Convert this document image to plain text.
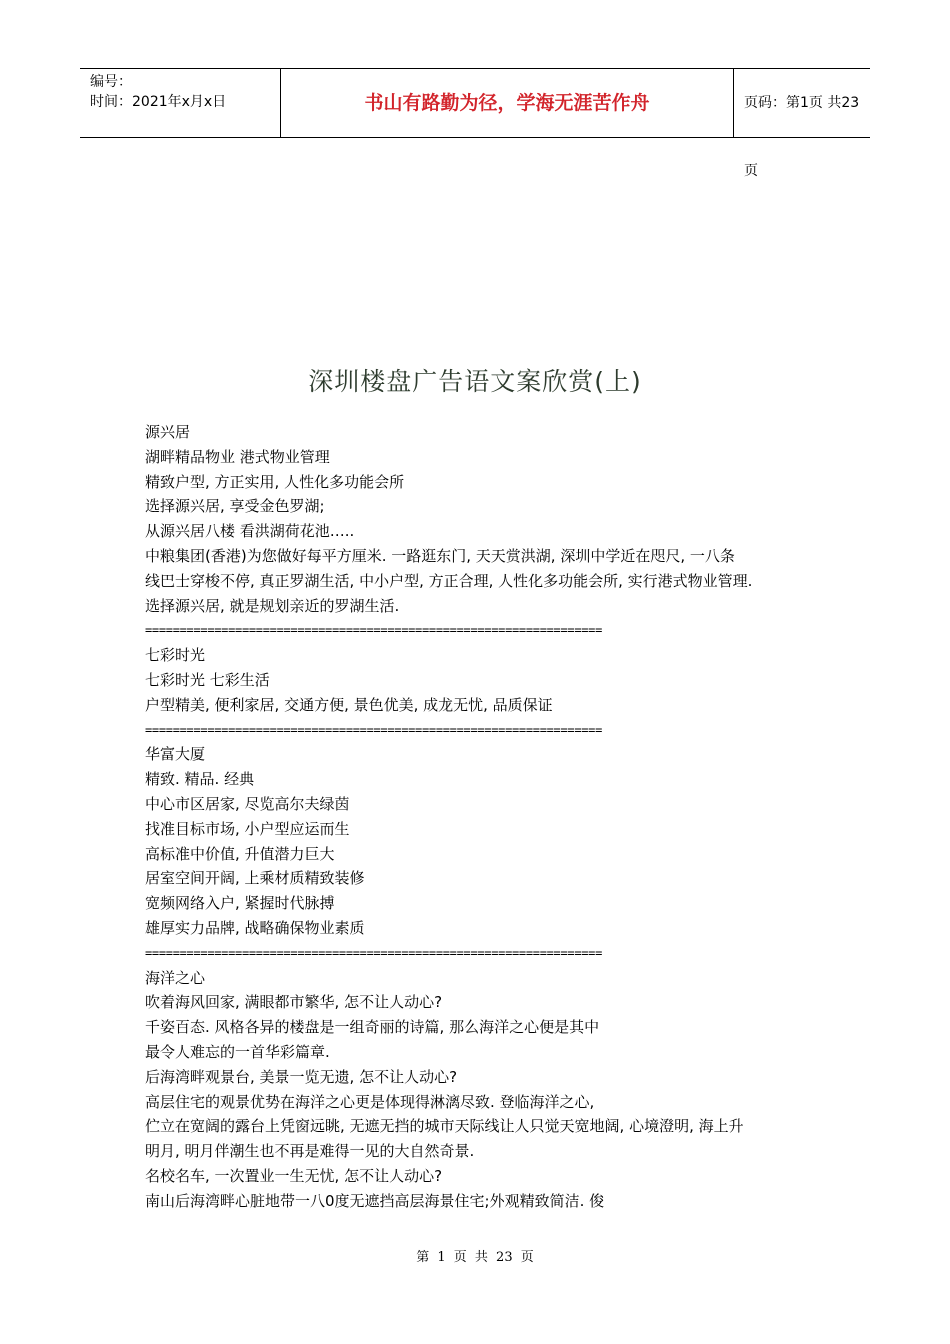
编号：
时间：2021年x月x日	书山有路勤为径，学海无涯苦作舟	页码：第1页 共23页
深圳楼盘广告语文案欣赏(上)
源兴居
湖畔精品物业 港式物业管理
精致户型, 方正实用, 人性化多功能会所
选择源兴居, 享受金色罗湖;
从源兴居八楼 看洪湖荷花池…..
中粮集团(香港)为您做好每平方厘米. 一路逛东门, 天天赏洪湖, 深圳中学近在咫尺, 一八条
线巴士穿梭不停, 真正罗湖生活, 中小户型, 方正合理, 人性化多功能会所, 实行港式物业管理.
选择源兴居, 就是规划亲近的罗湖生活.
==================================================================
七彩时光
七彩时光 七彩生活
户型精美, 便利家居, 交通方便, 景色优美, 成龙无忧, 品质保证
==================================================================
华富大厦
精致. 精品. 经典
中心市区居家, 尽览高尔夫绿茵
找准目标市场, 小户型应运而生
高标准中价值, 升值潜力巨大
居室空间开阔, 上乘材质精致装修
宽频网络入户, 紧握时代脉搏
雄厚实力品牌, 战略确保物业素质
==================================================================
海洋之心
吹着海风回家, 满眼都市繁华, 怎不让人动心?
千姿百态. 风格各异的楼盘是一组奇丽的诗篇, 那么海洋之心便是其中
最令人难忘的一首华彩篇章.
后海湾畔观景台, 美景一览无遗, 怎不让人动心?
高层住宅的观景优势在海洋之心更是体现得淋漓尽致. 登临海洋之心,
伫立在宽阔的露台上凭窗远眺, 无遮无挡的城市天际线让人只觉天宽地阔, 心境澄明, 海上升
明月, 明月伴潮生也不再是难得一见的大自然奇景.
名校名车, 一次置业一生无忧, 怎不让人动心?
南山后海湾畔心脏地带一八0度无遮挡高层海景住宅;外观精致简洁. 俊
第 1 页 共 23 页
